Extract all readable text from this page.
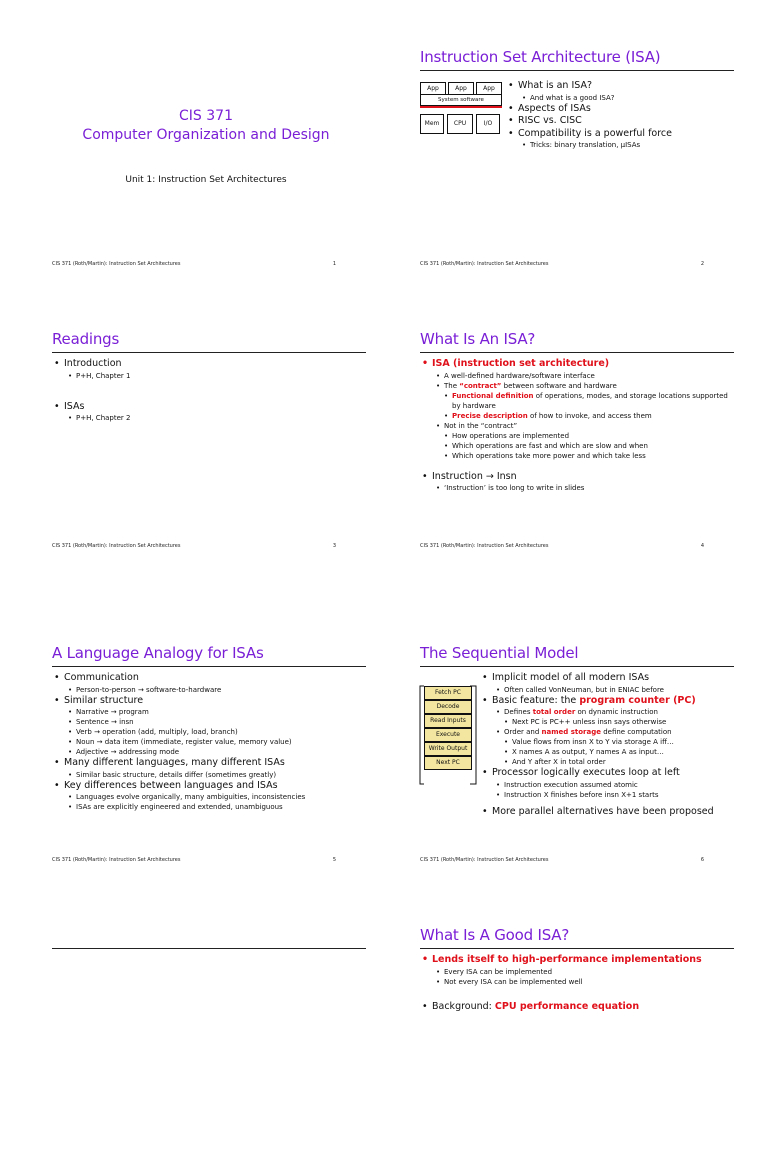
CIS 371
Computer Organization and Design
Unit 1: Instruction Set Architectures
CIS 371 (Roth/Martin): Instruction Set Architectures	1
Instruction Set Architecture (ISA)
App	App	App
System software
Mem	CPU	I/O
• What is an ISA?
• And what is a good ISA?
• Aspects of ISAs
• RISC vs. CISC
• Compatibility is a powerful force
• Tricks: binary translation, µISAs
CIS 371 (Roth/Martin): Instruction Set Architectures	2
Readings
• Introduction
• P+H, Chapter 1
• ISAs
• P+H, Chapter 2
CIS 371 (Roth/Martin): Instruction Set Architectures	3
What Is An ISA?
• ISA (instruction set architecture)
• A well-defined hardware/software interface
• The “contract” between software and hardware
• Functional definition of operations, modes, and storage locations supported by hardware
• Precise description of how to invoke, and access them
• Not in the “contract”
• How operations are implemented
• Which operations are fast and which are slow and when
• Which operations take more power and which take less
• Instruction → Insn
• ‘Instruction’ is too long to write in slides
CIS 371 (Roth/Martin): Instruction Set Architectures	4
A Language Analogy for ISAs
• Communication
• Person-to-person → software-to-hardware
• Similar structure
• Narrative → program
• Sentence → insn
• Verb → operation (add, multiply, load, branch)
• Noun → data item (immediate, register value, memory value)
• Adjective → addressing mode
• Many different languages, many different ISAs
• Similar basic structure, details differ (sometimes greatly)
• Key differences between languages and ISAs
• Languages evolve organically, many ambiguities, inconsistencies
• ISAs are explicitly engineered and extended, unambiguous
CIS 371 (Roth/Martin): Instruction Set Architectures	5
The Sequential Model
Fetch PC
Decode
Read Inputs
Execute
Write Output
Next PC
• Implicit model of all modern ISAs
• Often called VonNeuman, but in ENIAC before
• Basic feature: the program counter (PC)
• Defines total order on dynamic instruction
• Next PC is PC++ unless insn says otherwise
• Order and named storage define computation
• Value flows from insn X to Y via storage A iff…
• X names A as output, Y names A as input…
• And Y after X in total order
• Processor logically executes loop at left
• Instruction execution assumed atomic
• Instruction X finishes before insn X+1 starts
• More parallel alternatives have been proposed
CIS 371 (Roth/Martin): Instruction Set Architectures	6
What Is A Good ISA?
• Lends itself to high-performance implementations
• Every ISA can be implemented
• Not every ISA can be implemented well
• Background: CPU performance equation
